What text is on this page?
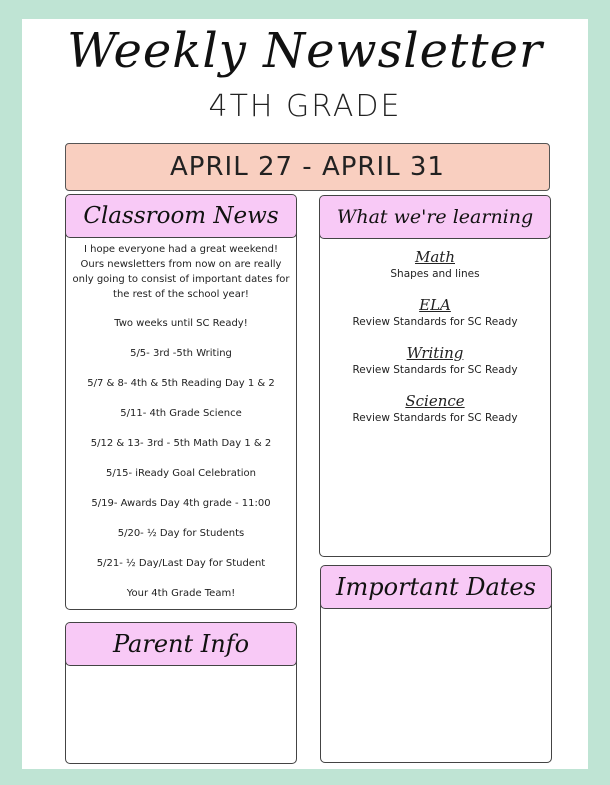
Weekly Newsletter
4TH GRADE
APRIL 27 - APRIL 31
Classroom News

I hope everyone had a great weekend! Ours newsletters from now on are really only going to consist of important dates for the rest of the school year!

Two weeks until SC Ready!

5/5- 3rd -5th Writing

5/7 & 8- 4th & 5th Reading Day 1 & 2

5/11- 4th Grade Science

5/12 & 13- 3rd - 5th Math Day 1 & 2

5/15- iReady Goal Celebration

5/19- Awards Day 4th grade - 11:00

5/20- ½ Day for Students

5/21- ½ Day/Last Day for Student

Your 4th Grade Team!

What we're learning
Math
Shapes and lines
ELA
Review Standards for SC Ready
Writing
Review Standards for SC Ready
Science
Review Standards for SC Ready
Important Dates
Parent Info
